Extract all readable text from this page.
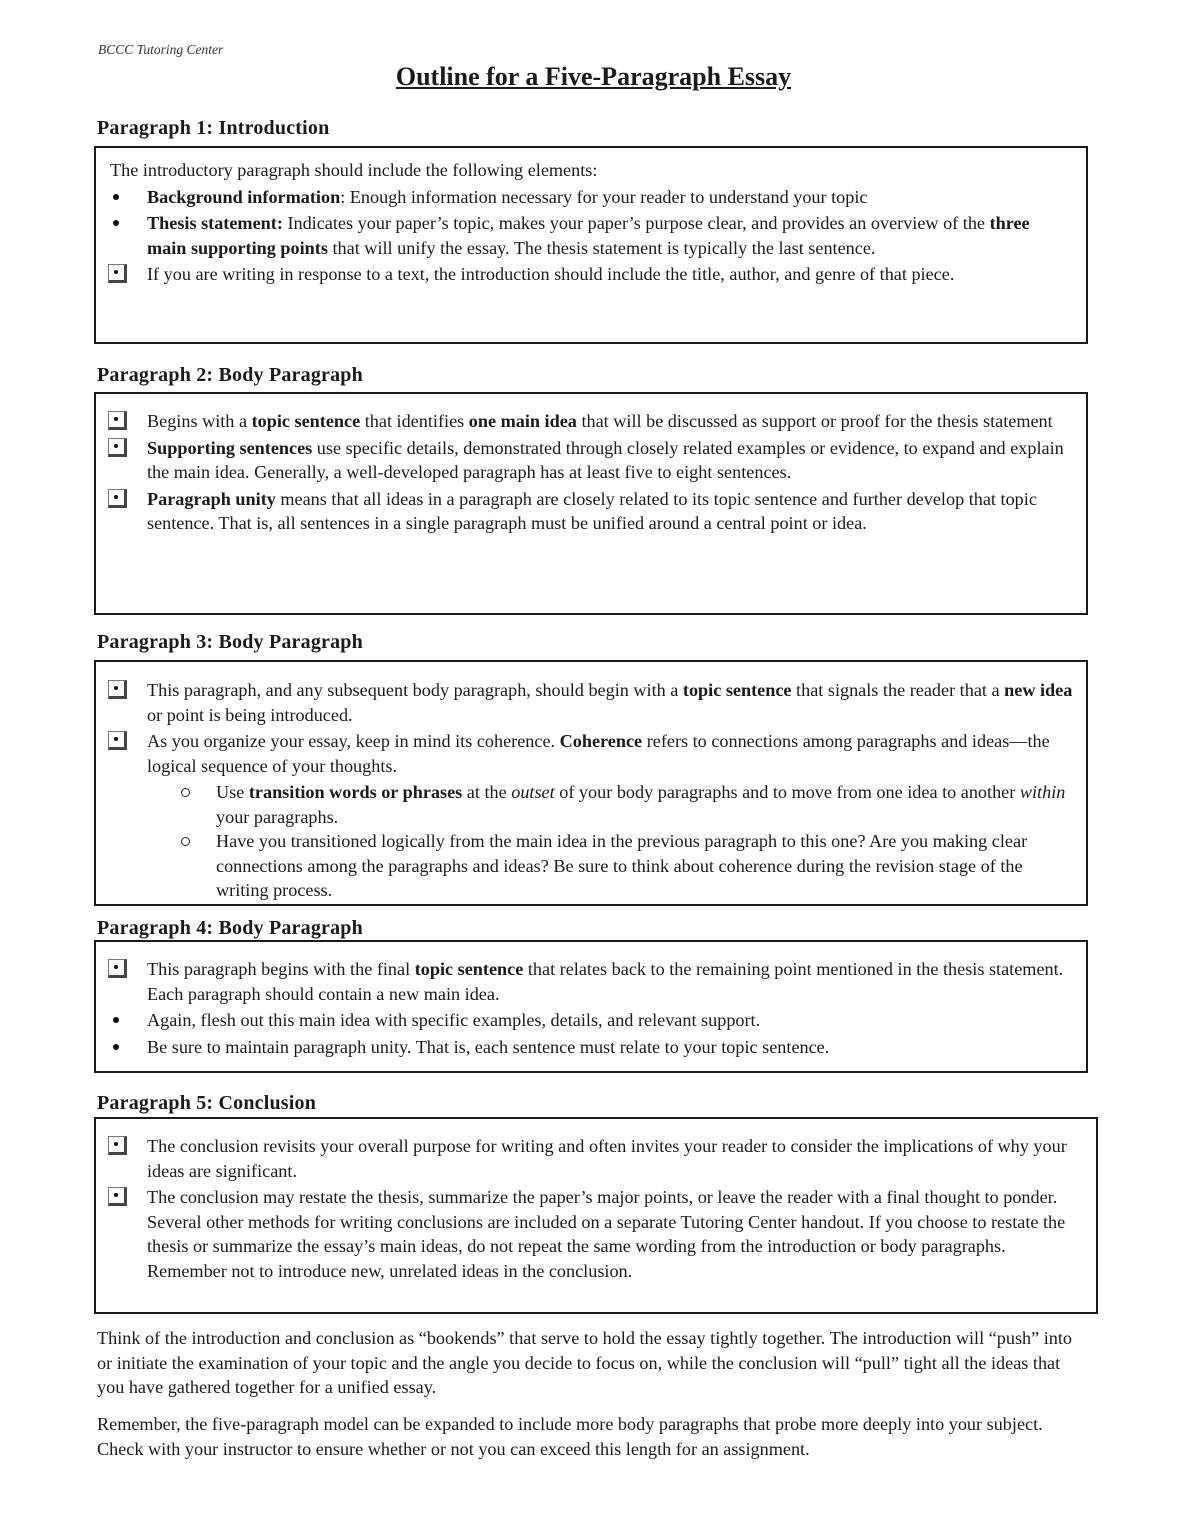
BCCC Tutoring Center
Outline for a Five-Paragraph Essay
Paragraph 1: Introduction

The introductory paragraph should include the following elements:

Background information: Enough information necessary for your reader to understand your topic
Thesis statement: Indicates your paper’s topic, makes your paper’s purpose clear, and provides an overview of the three main supporting points that will unify the essay. The thesis statement is typically the last sentence.
If you are writing in response to a text, the introduction should include the title, author, and genre of that piece.
Paragraph 2: Body Paragraph
Begins with a topic sentence that identifies one main idea that will be discussed as support or proof for the thesis statement
Supporting sentences use specific details, demonstrated through closely related examples or evidence, to expand and explain the main idea. Generally, a well-developed paragraph has at least five to eight sentences.
Paragraph unity means that all ideas in a paragraph are closely related to its topic sentence and further develop that topic sentence. That is, all sentences in a single paragraph must be unified around a central point or idea.
Paragraph 3: Body Paragraph
This paragraph, and any subsequent body paragraph, should begin with a topic sentence that signals the reader that a new idea or point is being introduced.
As you organize your essay, keep in mind its coherence. Coherence refers to connections among paragraphs and ideas—the logical sequence of your thoughts.
Use transition words or phrases at the outset of your body paragraphs and to move from one idea to another within your paragraphs.
Have you transitioned logically from the main idea in the previous paragraph to this one? Are you making clear connections among the paragraphs and ideas? Be sure to think about coherence during the revision stage of the writing process.
Paragraph 4: Body Paragraph
This paragraph begins with the final topic sentence that relates back to the remaining point mentioned in the thesis statement. Each paragraph should contain a new main idea.
Again, flesh out this main idea with specific examples, details, and relevant support.
Be sure to maintain paragraph unity. That is, each sentence must relate to your topic sentence.
Paragraph 5: Conclusion
The conclusion revisits your overall purpose for writing and often invites your reader to consider the implications of why your ideas are significant.
The conclusion may restate the thesis, summarize the paper’s major points, or leave the reader with a final thought to ponder. Several other methods for writing conclusions are included on a separate Tutoring Center handout. If you choose to restate the thesis or summarize the essay’s main ideas, do not repeat the same wording from the introduction or body paragraphs. Remember not to introduce new, unrelated ideas in the conclusion.

Think of the introduction and conclusion as “bookends” that serve to hold the essay tightly together. The introduction will “push” into or initiate the examination of your topic and the angle you decide to focus on, while the conclusion will “pull” tight all the ideas that you have gathered together for a unified essay.

Remember, the five-paragraph model can be expanded to include more body paragraphs that probe more deeply into your subject. Check with your instructor to ensure whether or not you can exceed this length for an assignment.
